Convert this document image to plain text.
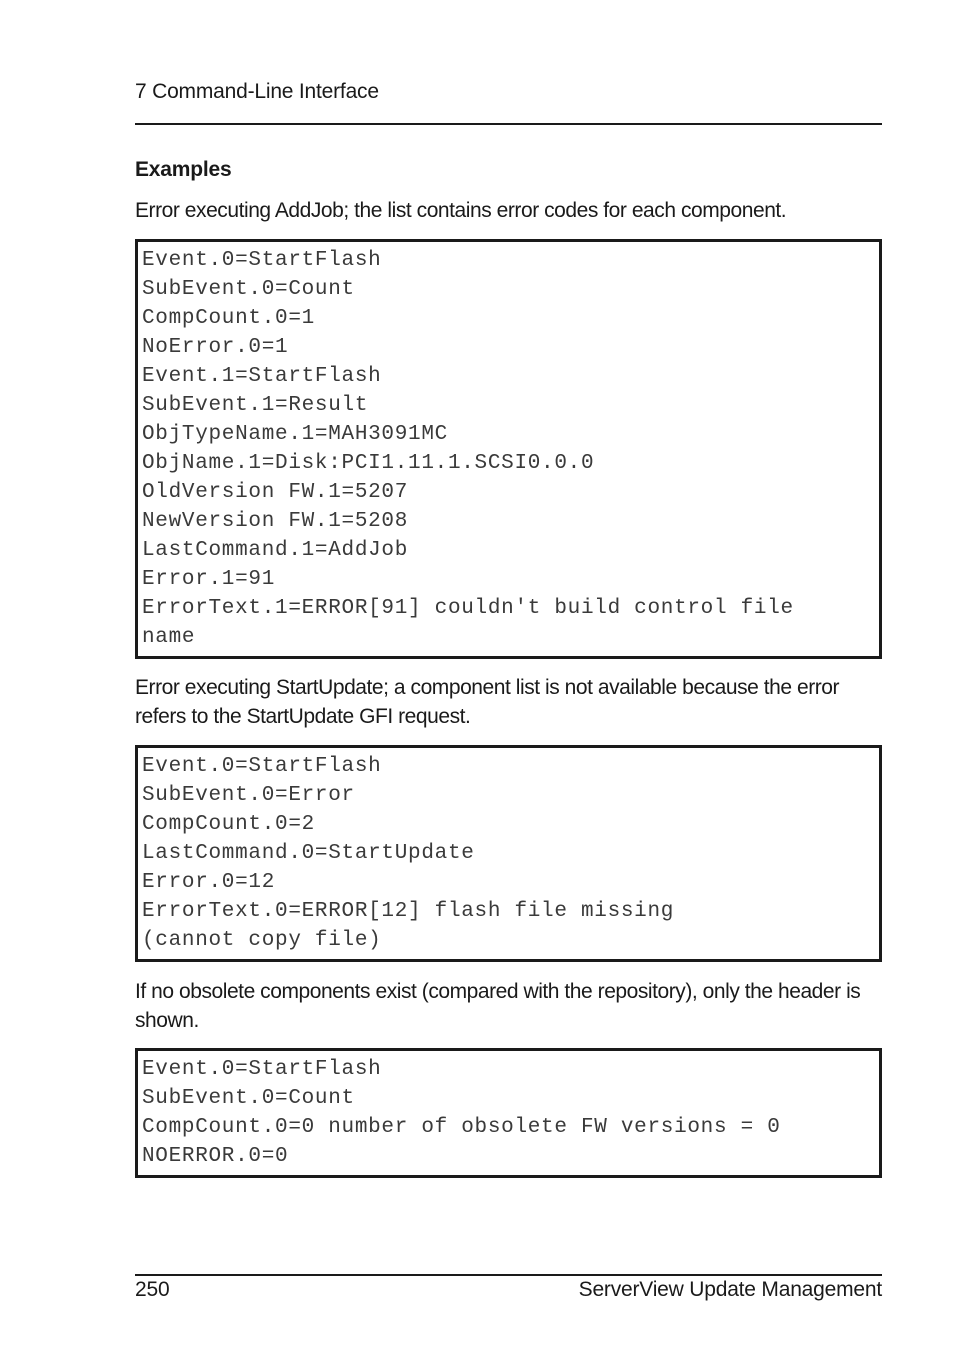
7 Command-Line Interface
Examples
Error executing AddJob; the list contains error codes for each component.
Event.0=StartFlash
SubEvent.0=Count
CompCount.0=1
NoError.0=1
Event.1=StartFlash
SubEvent.1=Result
ObjTypeName.1=MAH3091MC
ObjName.1=Disk:PCI1.11.1.SCSI0.0.0
OldVersion FW.1=5207
NewVersion FW.1=5208
LastCommand.1=AddJob
Error.1=91
ErrorText.1=ERROR[91] couldn't build control file
name
Error executing StartUpdate; a component list is not available because the error refers to the StartUpdate GFI request.
Event.0=StartFlash
SubEvent.0=Error
CompCount.0=2
LastCommand.0=StartUpdate
Error.0=12
ErrorText.0=ERROR[12] flash file missing
(cannot copy file)
If no obsolete components exist (compared with the repository), only the header is shown.
Event.0=StartFlash
SubEvent.0=Count
CompCount.0=0 number of obsolete FW versions = 0
NOERROR.0=0
250	ServerView Update Management
